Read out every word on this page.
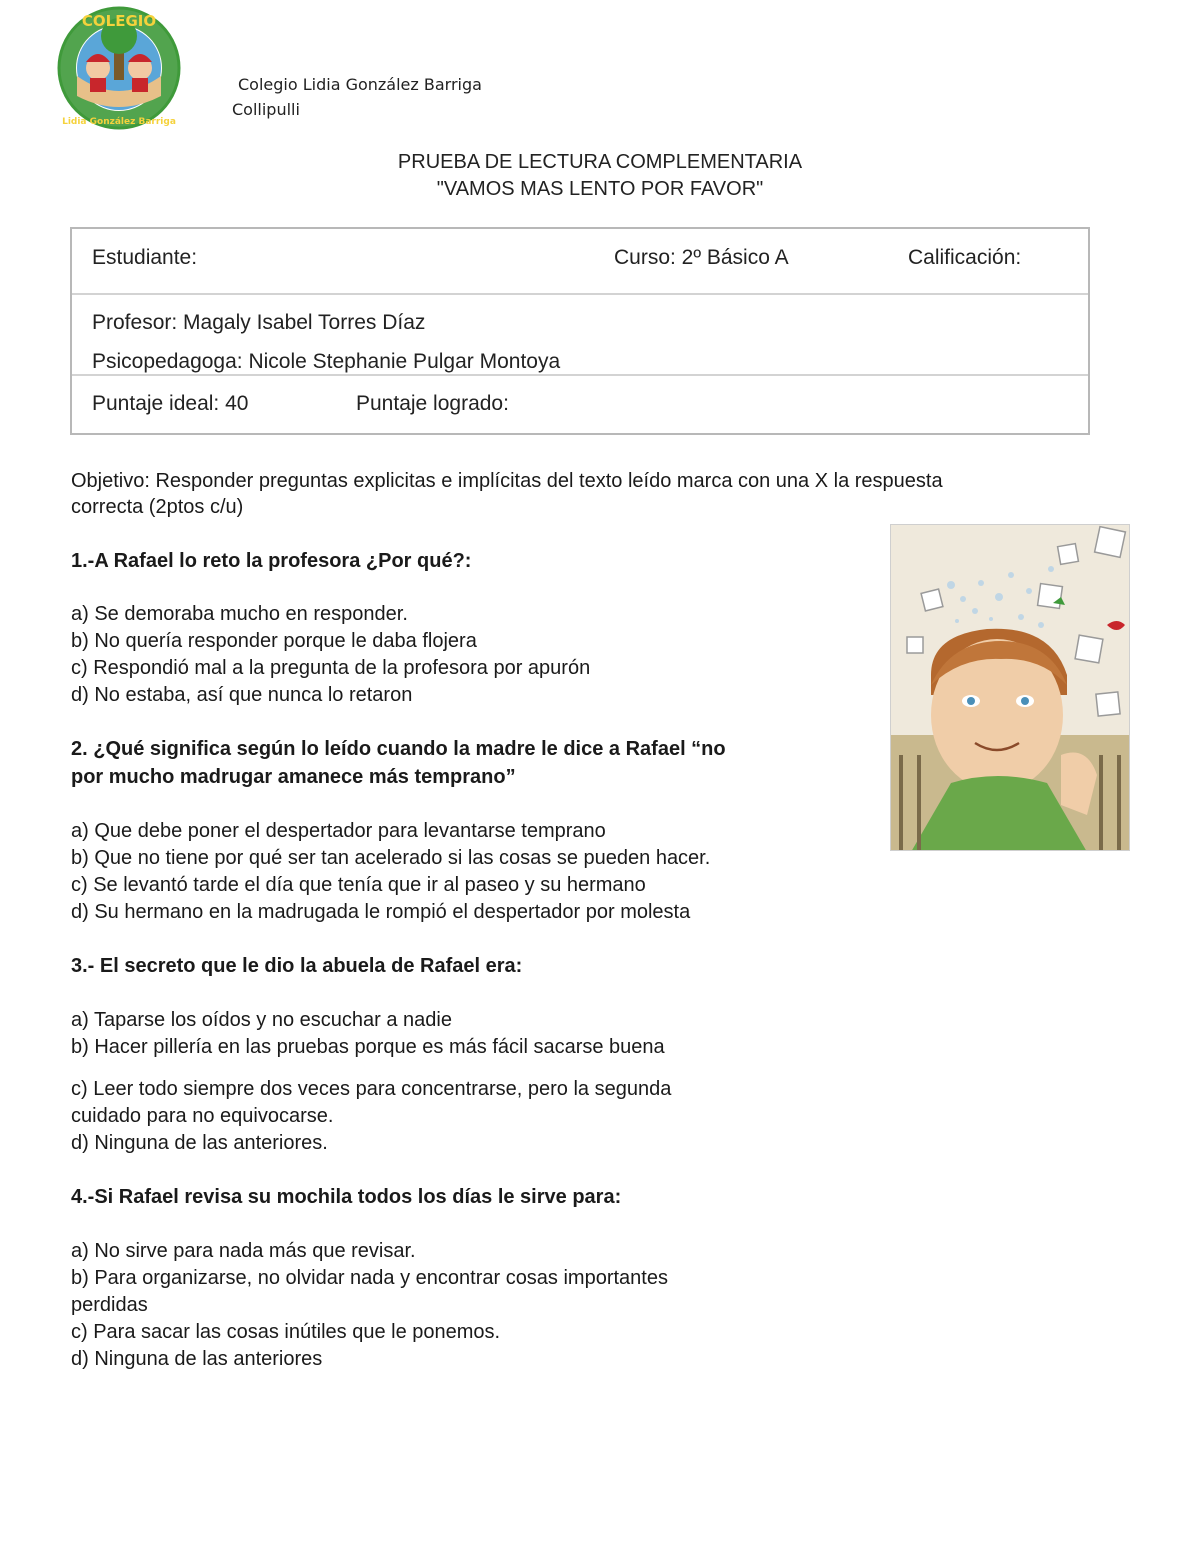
COLEGIO
Lidia González Barriga
Colegio Lidia González Barriga
Collipulli
PRUEBA DE LECTURA COMPLEMENTARIA
"VAMOS MAS LENTO POR FAVOR"
Estudiante:	Curso: 2º Básico A	Calificación:
Profesor: Magaly Isabel Torres Díaz
Psicopedagoga: Nicole Stephanie Pulgar Montoya
Puntaje ideal: 40	Puntaje logrado:
Objetivo: Responder preguntas explicitas e implícitas del texto leído marca con una X la respuesta
correcta (2ptos c/u)
1.-A Rafael lo reto la profesora ¿Por qué?:
a) Se demoraba mucho en responder.
b) No quería responder porque le daba flojera
c) Respondió mal a la pregunta de la profesora por apurón
d) No estaba, así que nunca lo retaron
2. ¿Qué significa según lo leído cuando la madre le dice a Rafael “no
por mucho madrugar amanece más temprano”
a) Que debe poner el despertador para levantarse temprano
b) Que no tiene por qué ser tan acelerado si las cosas se pueden hacer.
c) Se levantó tarde el día que tenía que ir al paseo y su hermano
d) Su hermano en la madrugada le rompió el despertador por molesta
3.- El secreto que le dio la abuela de Rafael era:
a) Taparse los oídos y no escuchar a nadie
b) Hacer pillería en las pruebas porque es más fácil sacarse buena
c) Leer todo siempre dos veces para concentrarse, pero la segunda
cuidado para no equivocarse.
d) Ninguna de las anteriores.
4.-Si Rafael revisa su mochila todos los días le sirve para:
a) No sirve para nada más que revisar.
b) Para organizarse, no olvidar nada y encontrar cosas importantes
perdidas
c) Para sacar las cosas inútiles que le ponemos.
d) Ninguna de las anteriores
